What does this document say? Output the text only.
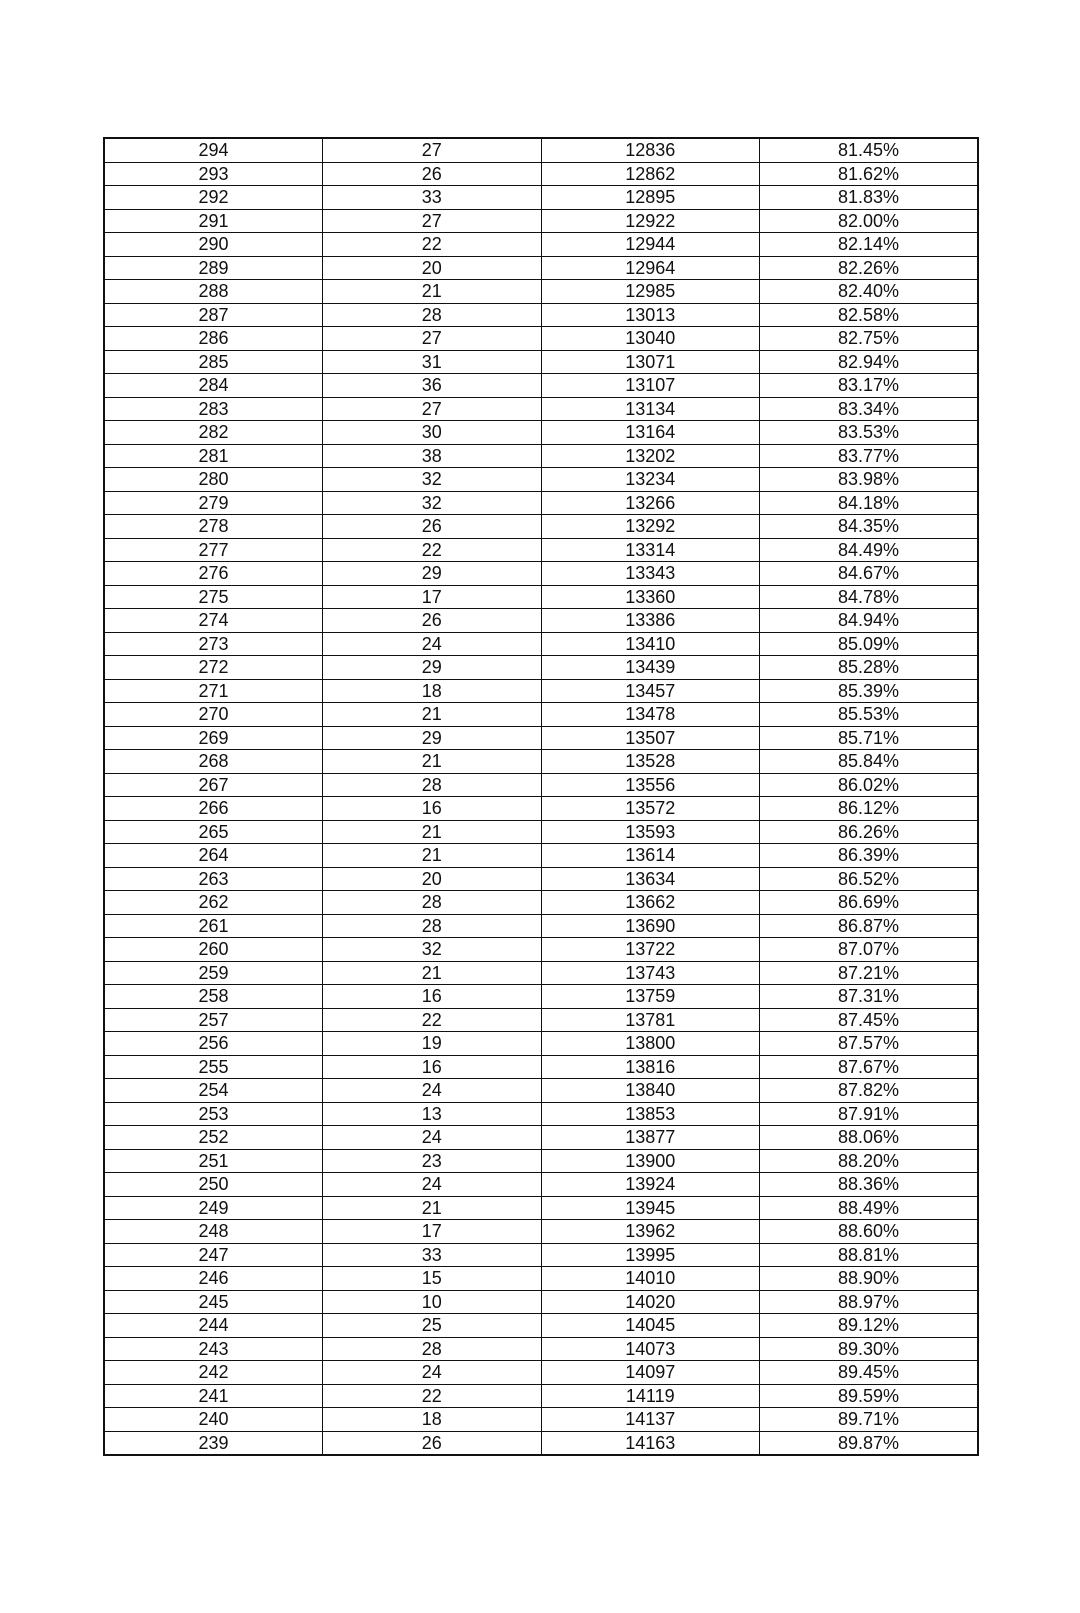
294	27	12836	81.45%
293	26	12862	81.62%
292	33	12895	81.83%
291	27	12922	82.00%
290	22	12944	82.14%
289	20	12964	82.26%
288	21	12985	82.40%
287	28	13013	82.58%
286	27	13040	82.75%
285	31	13071	82.94%
284	36	13107	83.17%
283	27	13134	83.34%
282	30	13164	83.53%
281	38	13202	83.77%
280	32	13234	83.98%
279	32	13266	84.18%
278	26	13292	84.35%
277	22	13314	84.49%
276	29	13343	84.67%
275	17	13360	84.78%
274	26	13386	84.94%
273	24	13410	85.09%
272	29	13439	85.28%
271	18	13457	85.39%
270	21	13478	85.53%
269	29	13507	85.71%
268	21	13528	85.84%
267	28	13556	86.02%
266	16	13572	86.12%
265	21	13593	86.26%
264	21	13614	86.39%
263	20	13634	86.52%
262	28	13662	86.69%
261	28	13690	86.87%
260	32	13722	87.07%
259	21	13743	87.21%
258	16	13759	87.31%
257	22	13781	87.45%
256	19	13800	87.57%
255	16	13816	87.67%
254	24	13840	87.82%
253	13	13853	87.91%
252	24	13877	88.06%
251	23	13900	88.20%
250	24	13924	88.36%
249	21	13945	88.49%
248	17	13962	88.60%
247	33	13995	88.81%
246	15	14010	88.90%
245	10	14020	88.97%
244	25	14045	89.12%
243	28	14073	89.30%
242	24	14097	89.45%
241	22	14119	89.59%
240	18	14137	89.71%
239	26	14163	89.87%
